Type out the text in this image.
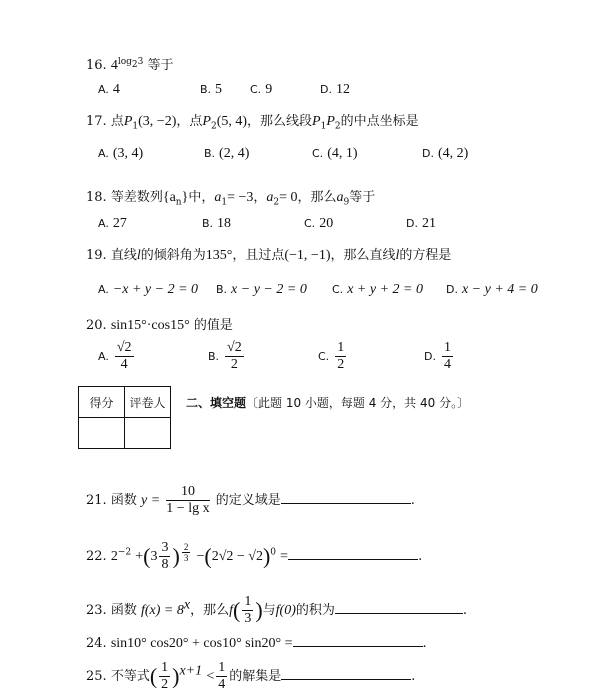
16. $4^{log_23}$ 等于
A. 4	B. 5	C. 9	D. 12
17. 点$P_1(3$, −2)，点$P_2(5$, 4)，那么线段$P_1P_2$的中点坐标是
A. (3, 4)	B. (2, 4)	C. (4, 1)	D. (4, 2)
18. 等差数列$\{a_n\}$中，$a_1= -3$，$a_2= 0$，那么$a_9$等于
A. 27	B. 18	C. 20	D. 21
19. 直线l的倾斜角为135°，且过点(−1, −1)，那么直线l的方程是
A. −x + y − 2 = 0 B. x − y − 2 = 0 C. x + y + 2 = 0 D. x − y + 4 = 0
20. sin15°·cos15° 的值是
A. $\frac{√2}{4}$	B. $\frac{√2}{2}$	C. $\frac{1}{2}$	D. $\frac{1}{4}$
得分	评卷人
	二、填空题〔此题 10 小题，每题 4 分，共 40 分。〕
21. 函数 $y = \frac{10}{\text{1 − lg x}}$ 的定义域是	.
22. $2^{-2} +(3 \frac{3}{8}$ ) $^{\frac{2}{3}} -(2√2 - √2)^0$ =	.
23. 函数 $f(x) = 8^x$，那么$f( \frac{1}{3}$ )与f(0)的积为	.
24. sin10° cos20° + cos10° sin20° =	.
25. 不等式( $\frac{1}{2} )^{x+1} < \frac{1}{4}$ 的解集是	.
